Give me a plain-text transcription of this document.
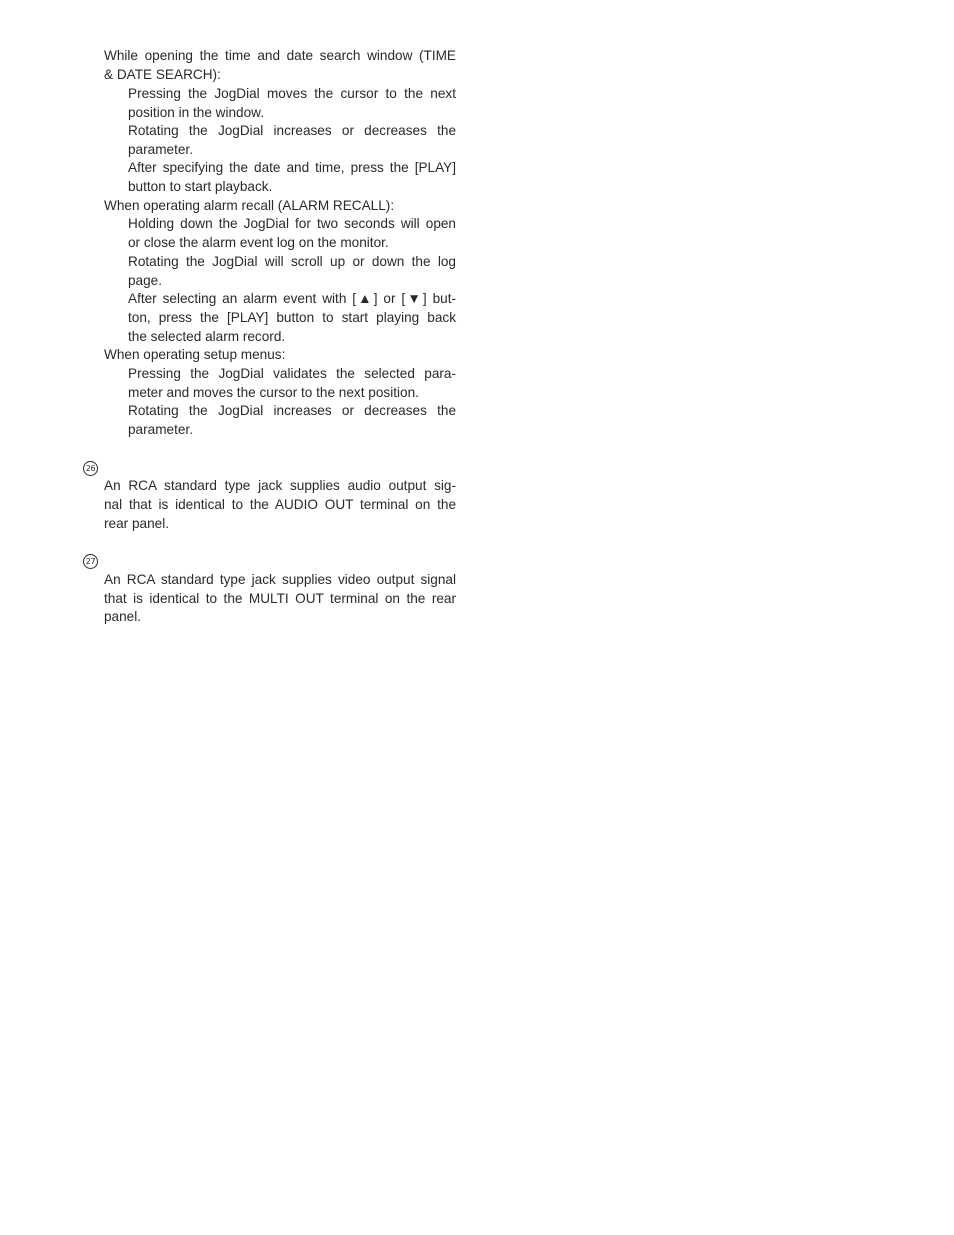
While opening the time and date search window (TIME
& DATE SEARCH):
Pressing the JogDial moves the cursor to the next
position in the window.
Rotating the JogDial increases or decreases the
parameter.
After specifying the date and time, press the [PLAY]
button to start playback.
When operating alarm recall (ALARM RECALL):
Holding down the JogDial for two seconds will open
or close the alarm event log on the monitor.
Rotating the JogDial will scroll up or down the log
page.
After selecting an alarm event with [▲] or [▼] but-
ton, press the [PLAY] button to start playing back
the selected alarm record.
When operating setup menus:
Pressing the JogDial validates the selected para-
meter and moves the cursor to the next position.
Rotating the JogDial increases or decreases the
parameter.
26
An RCA standard type jack supplies audio output sig-
nal that is identical to the AUDIO OUT terminal on the
rear panel.
27
An RCA standard type jack supplies video output signal
that is identical to the MULTI OUT terminal on the rear
panel.
